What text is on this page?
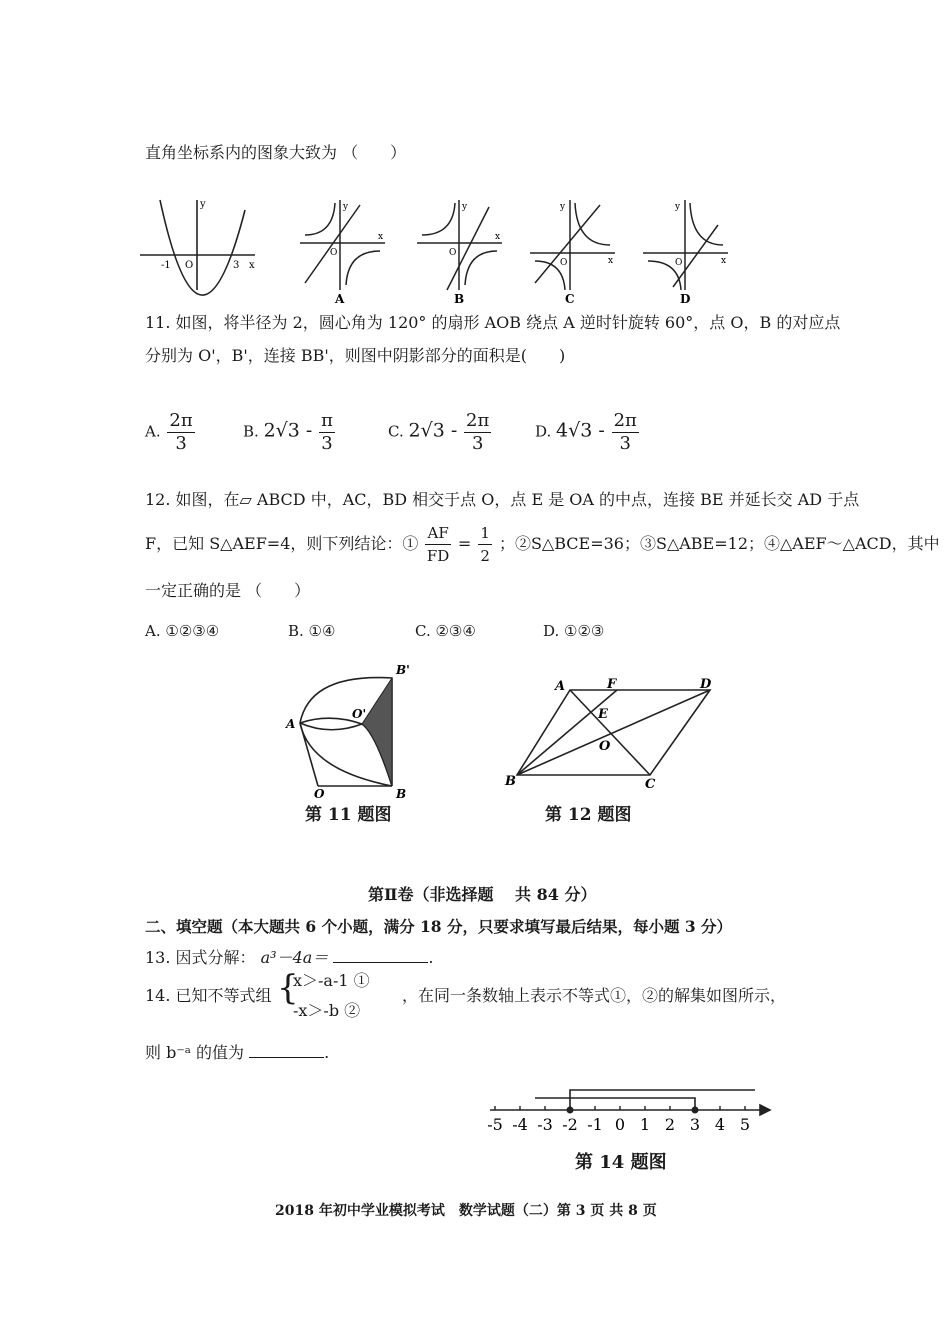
直角坐标系内的图象大致为 （　　）
y
-1 O	3 x
y
x
O
A
y
x
O
B
y
x
O
C
y
x
O
D
11. 如图，将半径为 2，圆心角为 120° 的扇形 AOB 绕点 A 逆时针旋转 60°，点 O，B 的对应点
分别为 O'，B'，连接 BB'，则图中阴影部分的面积是(　　)
A. $\frac{2\pi}{3}$	B. $2√3 - \frac{\pi}{3}$	C. $2√3 - \frac{2\pi}{3}$	D. $4√3 - \frac{2\pi}{3}$
12. 如图，在▱ ABCD 中，AC，BD 相交于点 O，点 E 是 OA 的中点，连接 BE 并延长交 AD 于点
F，已知 S△AEF=4，则下列结论：① $\frac{AF}{FD} = \frac{1}{2}$ ；②S△BCE=36；③S△ABE=12；④△AEF～△ACD，其中
一定正确的是 （　　）
A. ①②③④	B. ①④	C. ②③④	D. ①②③
A
O	B
O'
B'
第 11 题图
A	F	D
E
O
B	C
第 12 题图
第Ⅱ卷（非选择题　 共 84 分）
二、填空题（本大题共 6 个小题，满分 18 分，只要求填写最后结果，每小题 3 分）
13. 因式分解： a³－4a＝	.
14. 已知不等式组 {
x＞-a-1 ①
-x＞-b ②
，在同一条数轴上表示不等式①，②的解集如图所示，
则 b⁻ᵃ 的值为	.
-5 -4 -3 -2 -1 0 1 2 3 4 5
第 14 题图
2018 年初中学业模拟考试　数学试题（二）第 3 页 共 8 页
